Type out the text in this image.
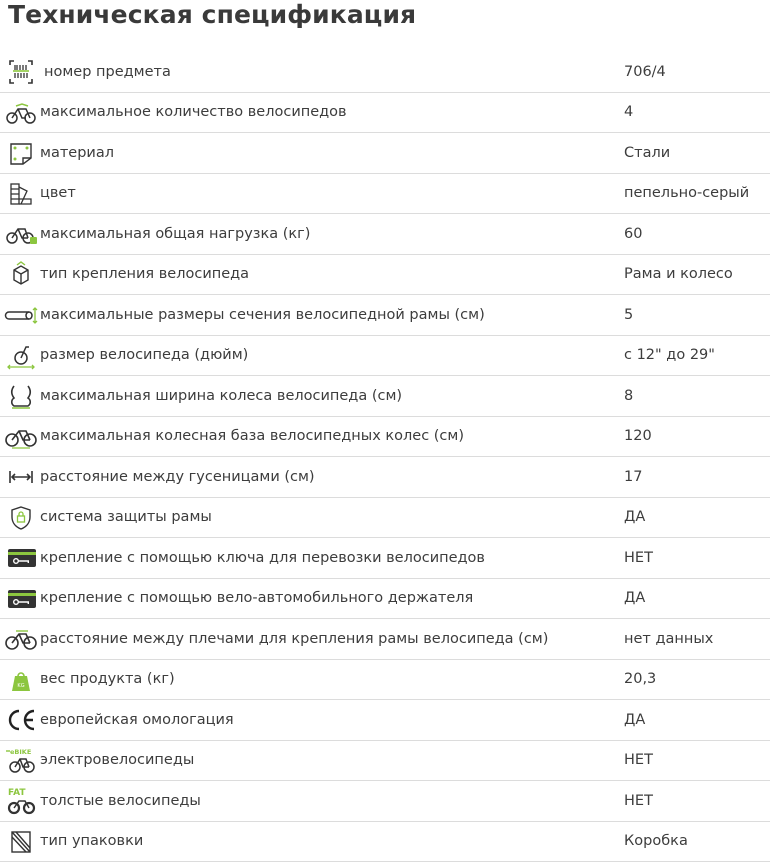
Техническая спецификация
номер предмета	706/4
максимальное количество велосипедов	4
материал	Стали
цвет	пепельно-серый
максимальная общая нагрузка (кг)	60
тип крепления велосипеда	Рама и колесо
максимальные размеры сечения велосипедной рамы (см)	5
размер велосипеда (дюйм)	с 12" до 29"
максимальная ширина колеса велосипеда (см)	8
максимальная колесная база велосипедных колес (см)	120
расстояние между гусеницами (см)	17
система защиты рамы	ДА
крепление с помощью ключа для перевозки велосипедов	НЕТ
крепление с помощью вело-автомобильного держателя	ДА
расстояние между плечами для крепления рамы велосипеда (см)	нет данных
KG вес продукта (кг)	20,3
европейская омологация	ДА
eBIKE
электровелосипеды	НЕТ
FAT толстые велосипеды	НЕТ
тип упаковки	Коробка
